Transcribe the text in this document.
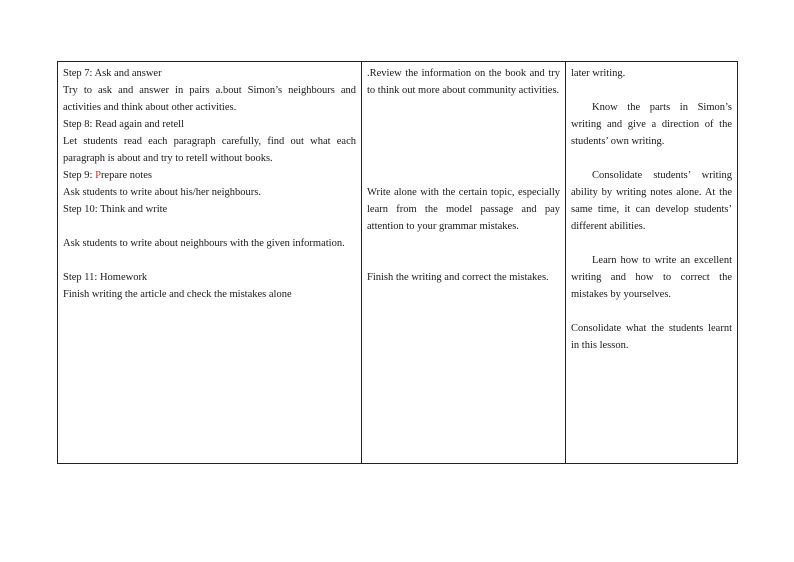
Step 7: Ask and answer
Try to ask and answer in pairs a.bout Simon’s neighbours and activities and think about other activities.
Step 8: Read again and retell
Let students read each paragraph carefully, find out what each paragraph is about and try to retell without books.
Step 9: Prepare notes
Ask students to write about his/her neighbours.
Step 10: Think and write
Ask students to write about neighbours with the given information.
Step 11: Homework
Finish writing the article and check the mistakes alone
.Review the information on the book and try to think out more about community activities.
Write alone with the certain topic, especially learn from the model passage and pay attention to your grammar mistakes.
Finish the writing and correct the mistakes.
later writing.
Know the parts in Simon’s writing and give a direction of the students’ own writing.
Consolidate students’ writing ability by writing notes alone. At the same time, it can develop students’ different abilities.
Learn how to write an excellent writing and how to correct the mistakes by yourselves.
Consolidate what the students learnt in this lesson.
